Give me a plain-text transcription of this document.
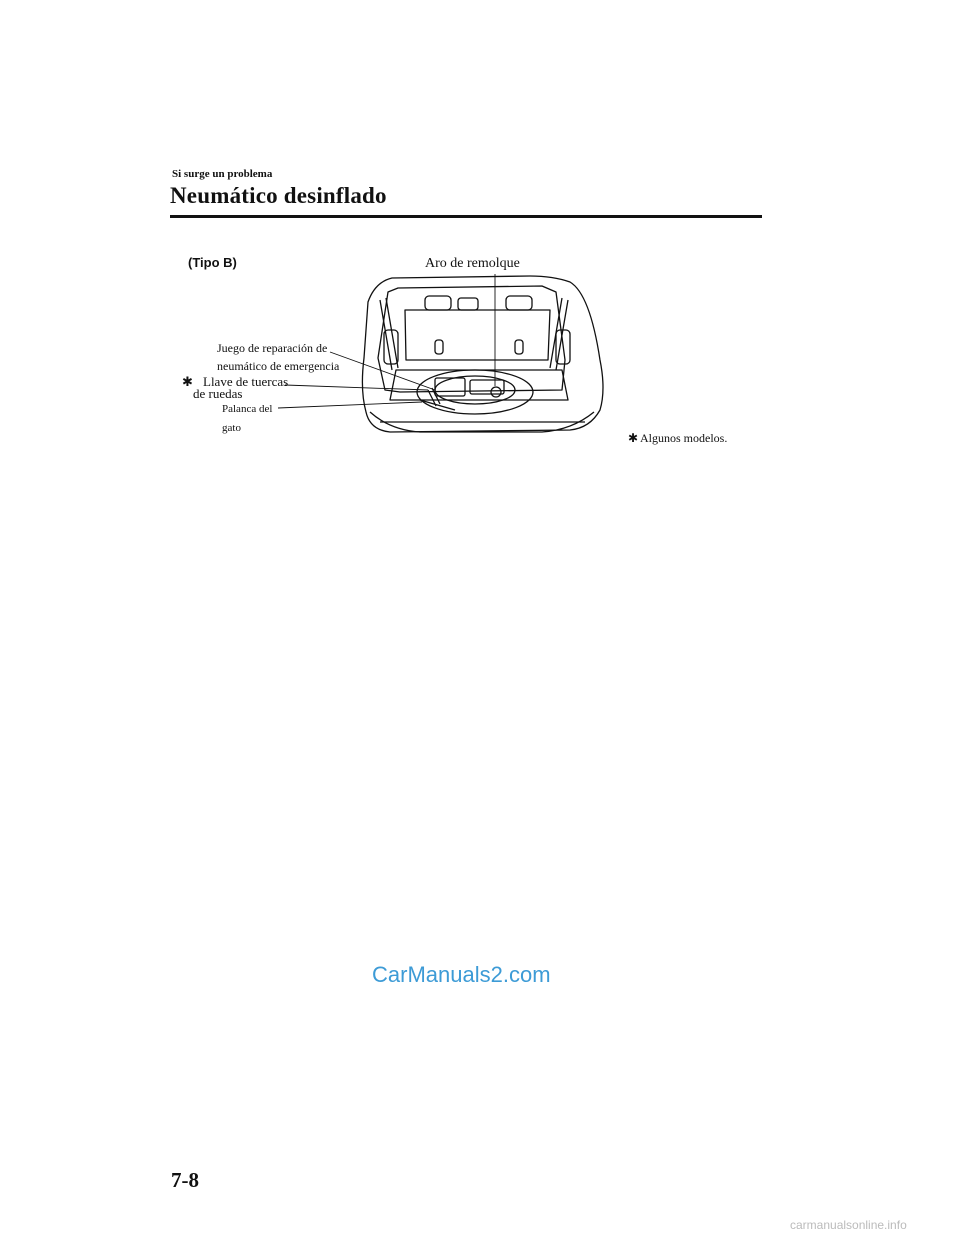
Si surge un problema
Neumático desinflado
(Tipo B)	Aro de remolque
Juego de reparación de
neumático de emergencia
✱ Llave de tuercas
de ruedas
Palanca del
gato
✱ Algunos modelos.
CarManuals2.com
7-8
carmanualsonline.info
